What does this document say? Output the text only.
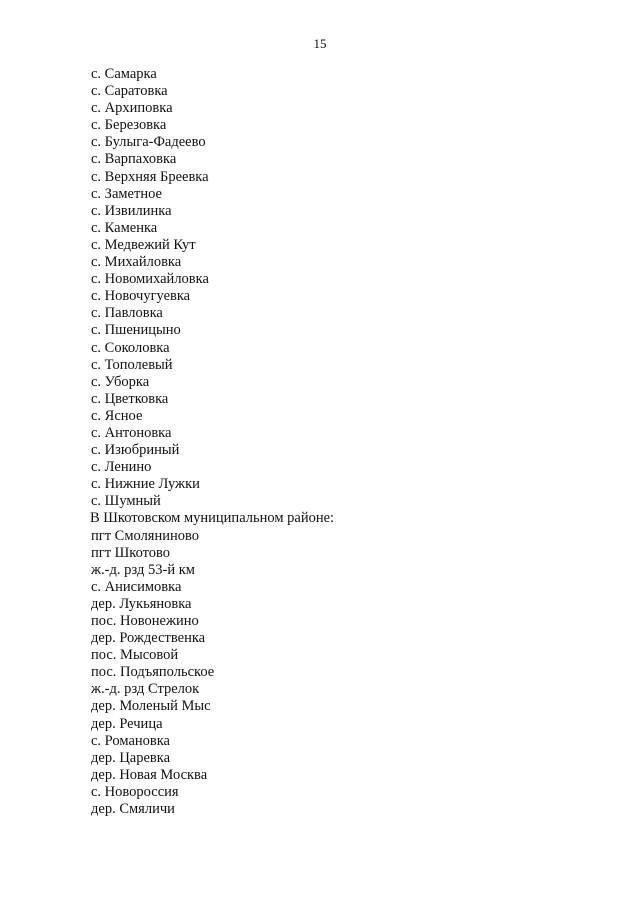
15
с. Самарка
с. Саратовка
с. Архиповка
с. Березовка
с. Булыга-Фадеево
с. Варпаховка
с. Верхняя Бреевка
с. Заметное
с. Извилинка
с. Каменка
с. Медвежий Кут
с. Михайловка
с. Новомихайловка
с. Новочугуевка
с. Павловка
с. Пшеницыно
с. Соколовка
с. Тополевый
с. Уборка
с. Цветковка
с. Ясное
с. Антоновка
с. Изюбриный
с. Ленино
с. Нижние Лужки
с. Шумный
В Шкотовском муниципальном районе:
пгт Смоляниново
пгт Шкотово
ж.-д. рзд 53-й км
с. Анисимовка
дер. Лукьяновка
пос. Новонежино
дер. Рождественка
пос. Мысовой
пос. Подъяпольское
ж.-д. рзд Стрелок
дер. Моленый Мыс
дер. Речица
с. Романовка
дер. Царевка
дер. Новая Москва
с. Новороссия
дер. Смяличи
